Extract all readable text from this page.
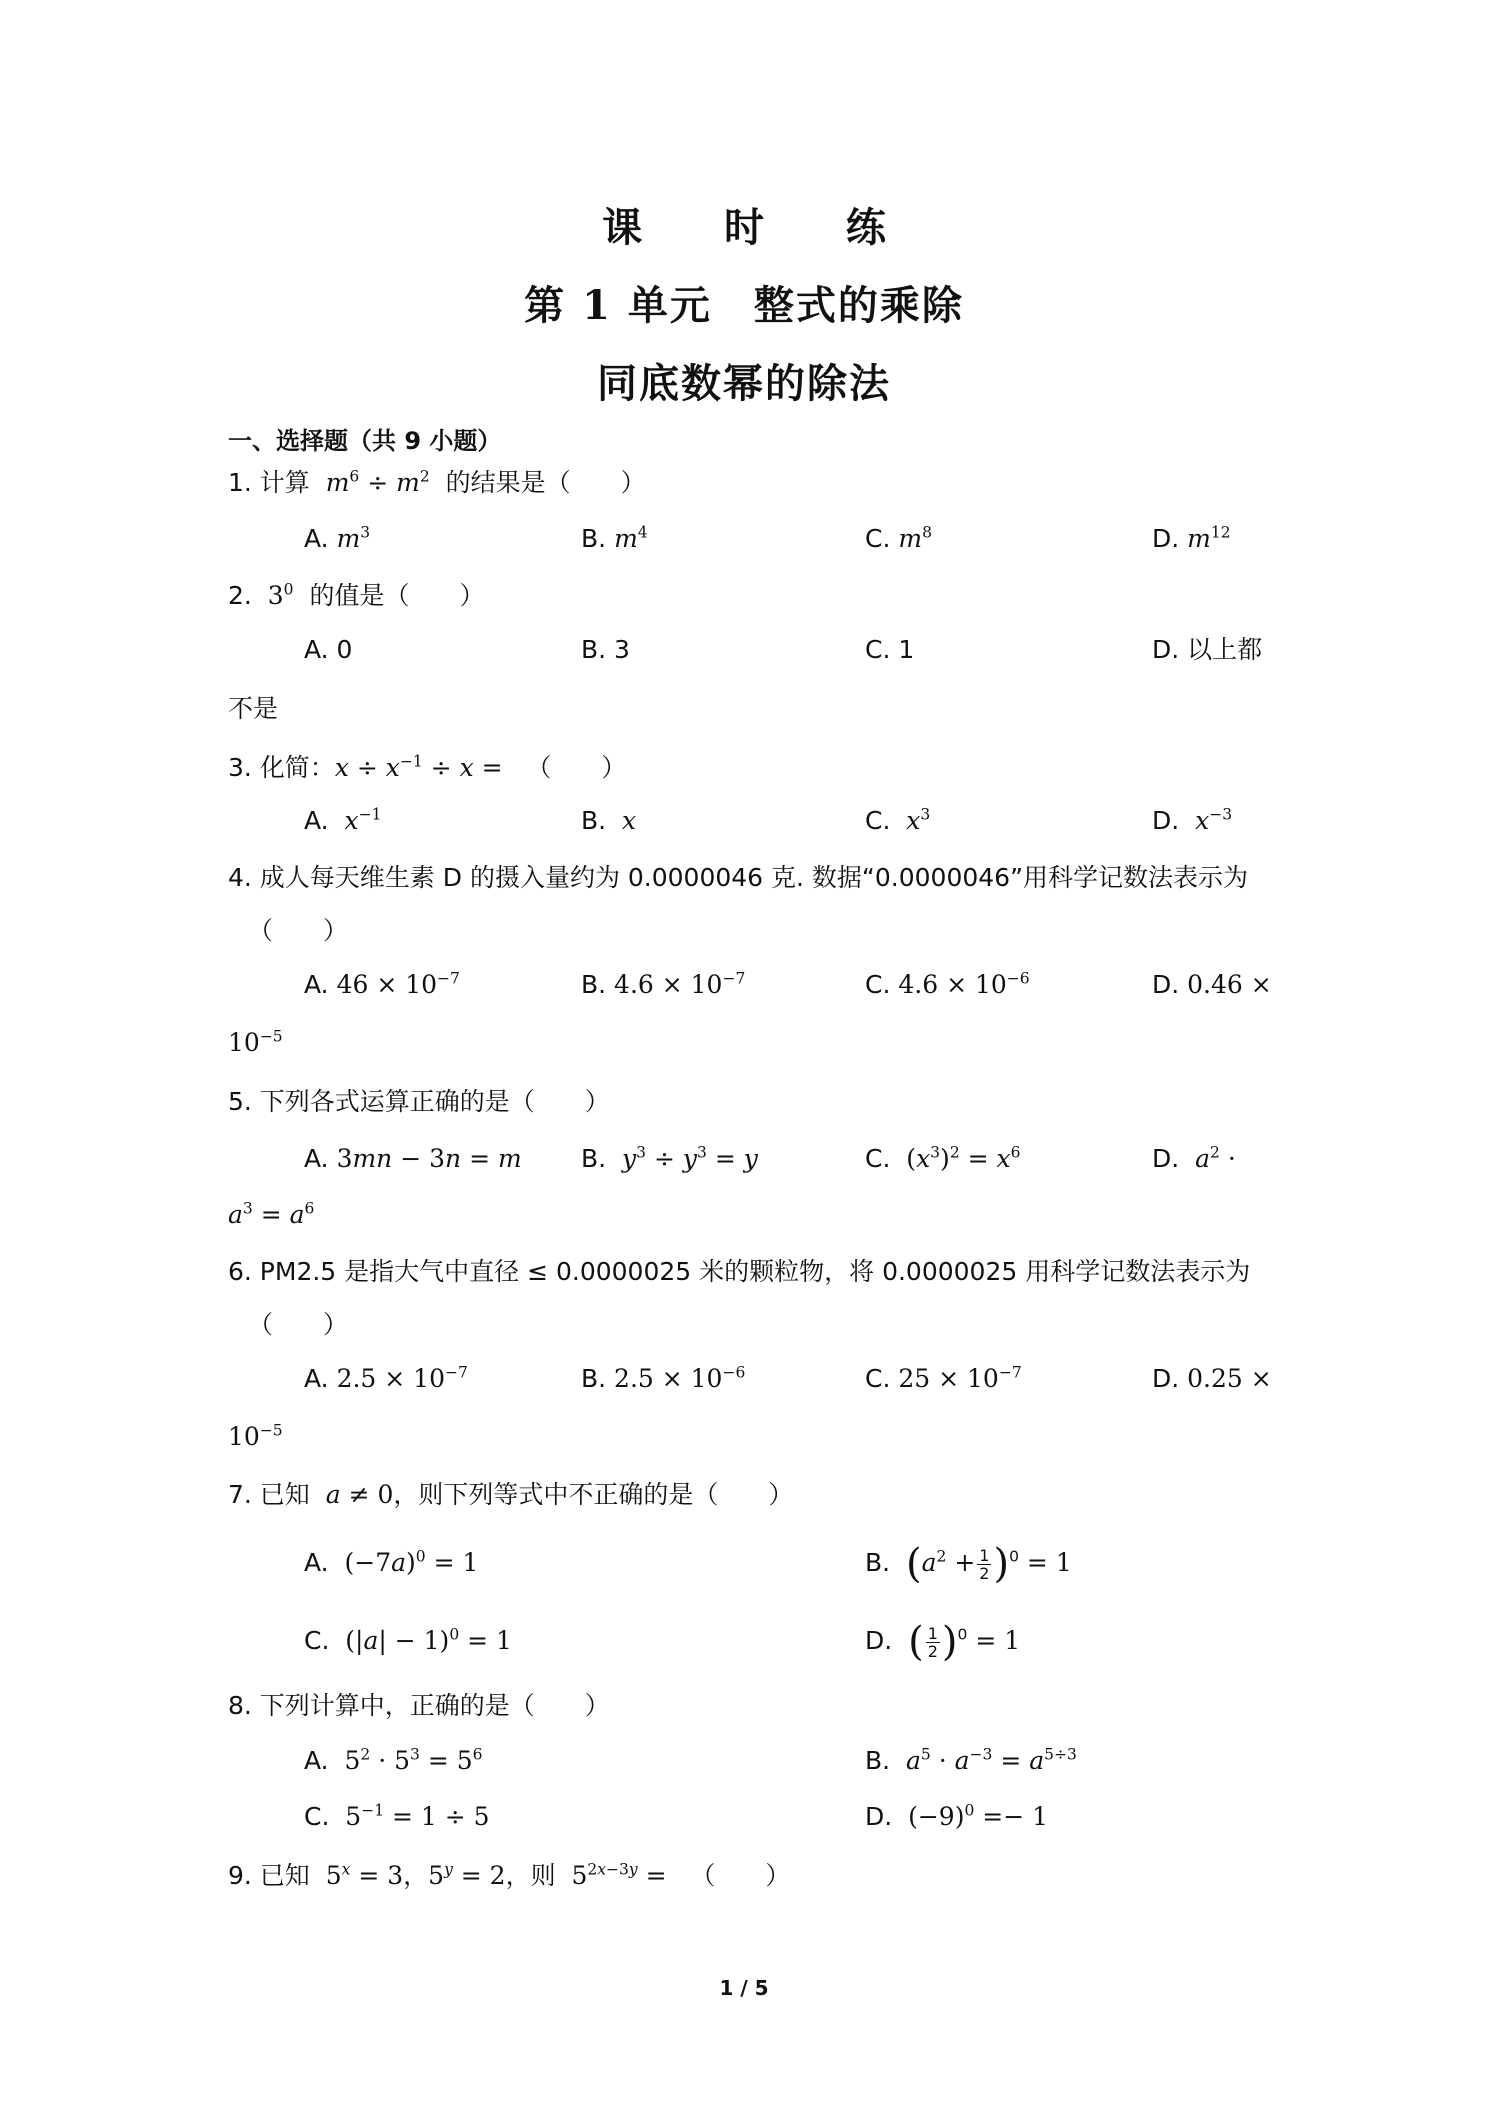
课 时 练
第 1 单元　整式的乘除
同底数幂的除法
一、选择题（共 9 小题）
1. 计算  $m^6 \div m^2$ 的结果是（　　）
A. $m^3$	B. $m^4$	C. $m^8$	D. $m^{12}$
2.  $3^0$ 的值是（　　）
A. 0	B. 3	C. 1	D. 以上都
不是
3. 化简：$x \div x^{-1} \div x$ = （　　）
A.  $x^{-1}$	B.  x	C.  $x^3$	D.  $x^{-3}$
4. 成人每天维生素 D 的摄入量约为 0.0000046 克. 数据“0.0000046”用科学记数法表示为
（　　）
A. $46 \times 10^{-7}$	B. $4.6 \times 10^{-7}$	C. $4.6 \times 10^{-6}$	D. 0.46 ×
$10^{-5}$
5. 下列各式运算正确的是（　　）
A. 3mn − 3n = m B.  $y^3 \div y^3 = y$	C.  $(x^3)^2 = x^6$	D.  $a^2$ ·
$a^3 = a^6$
6. PM2.5 是指大气中直径 ≤ 0.0000025 米的颗粒物，将 0.0000025 用科学记数法表示为
（　　）
A. $2.5 \times 10^{-7}$	B. $2.5 \times 10^{-6}$	C. $25 \times 10^{-7}$	D. 0.25 ×
$10^{-5}$
7. 已知 a ≠ 0，则下列等式中不正确的是（　　）
A.  $(-7a)^0 = 1$	B.  $(a^2 + \frac{1}{2} )^0 = 1$
C.  $(|a| - 1)^0 = 1$	D.  ( $\frac{1}{2} )^0 = 1$
8. 下列计算中，正确的是（　　）
A.  $5^2 \cdot 5^3 = 5^6$	B.  $a^5 \cdot a^{-3} = a^{5\div 3}$
C.  $5^{-1} = 1 \div 5$	D.  $(-9)^0 =- 1$
9. 已知 $5^x = 3$，$5^y = 2$，则  $5^{2x-3y}$ =   （　　）
1 / 5
